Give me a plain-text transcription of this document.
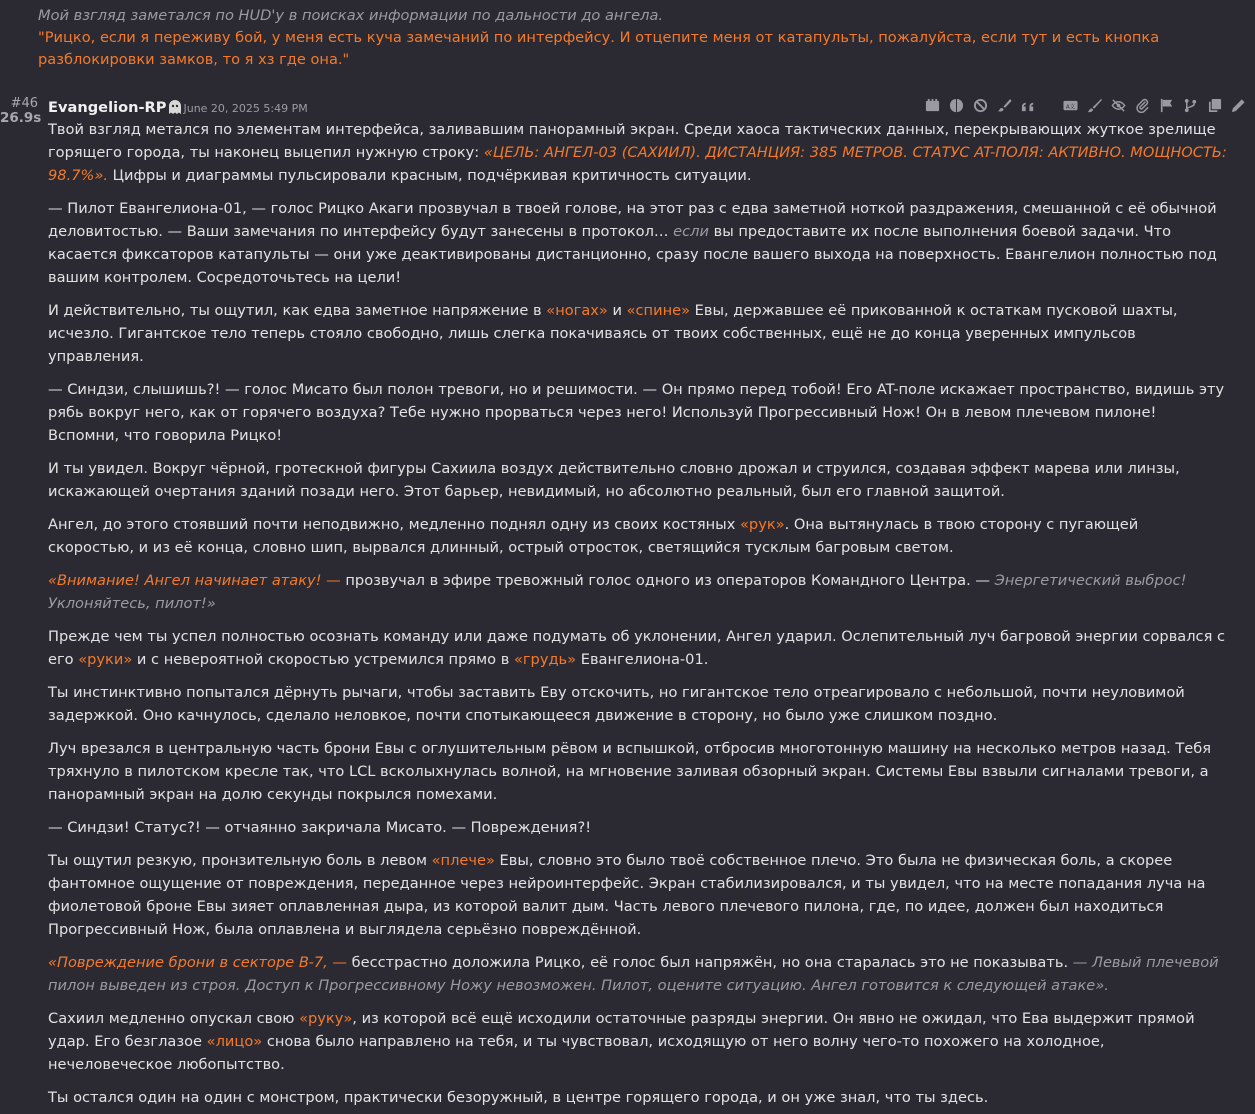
Мой взгляд заметался по HUD'у в поисках информации по дальности до ангела.
"Рицко, если я переживу бой, у меня есть куча замечаний по интерфейсу. И отцепите меня от катапульты, пожалуйста, если тут и есть кнопка разблокировки замков, то я хз где она."
#46
26.9s
Evangelion-RP June 20, 2025 5:49 PM	A文

Твой взгляд метался по элементам интерфейса, заливавшим панорамный экран. Среди хаоса тактических данных, перекрывающих жуткое зрелище горящего города, ты наконец выцепил нужную строку: «ЦЕЛЬ: АНГЕЛ-03 (САХИИЛ). ДИСТАНЦИЯ: 385 МЕТРОВ. СТАТУС AT-ПОЛЯ: АКТИВНО. МОЩНОСТЬ: 98.7%». Цифры и диаграммы пульсировали красным, подчёркивая критичность ситуации.

— Пилот Евангелиона-01, — голос Рицко Акаги прозвучал в твоей голове, на этот раз с едва заметной ноткой раздражения, смешанной с её обычной деловитостью. — Ваши замечания по интерфейсу будут занесены в протокол… если вы предоставите их после выполнения боевой задачи. Что касается фиксаторов катапульты — они уже деактивированы дистанционно, сразу после вашего выхода на поверхность. Евангелион полностью под вашим контролем. Сосредоточьтесь на цели!

И действительно, ты ощутил, как едва заметное напряжение в «ногах» и «спине» Евы, державшее её прикованной к остаткам пусковой шахты, исчезло. Гигантское тело теперь стояло свободно, лишь слегка покачиваясь от твоих собственных, ещё не до конца уверенных импульсов управления.

— Синдзи, слышишь?! — голос Мисато был полон тревоги, но и решимости. — Он прямо перед тобой! Его AT-поле искажает пространство, видишь эту рябь вокруг него, как от горячего воздуха? Тебе нужно прорваться через него! Используй Прогрессивный Нож! Он в левом плечевом пилоне! Вспомни, что говорила Рицко!

И ты увидел. Вокруг чёрной, гротескной фигуры Сахиила воздух действительно словно дрожал и струился, создавая эффект марева или линзы, искажающей очертания зданий позади него. Этот барьер, невидимый, но абсолютно реальный, был его главной защитой.

Ангел, до этого стоявший почти неподвижно, медленно поднял одну из своих костяных «рук». Она вытянулась в твою сторону с пугающей скоростью, и из её конца, словно шип, вырвался длинный, острый отросток, светящийся тусклым багровым светом.

«Внимание! Ангел начинает атаку! — прозвучал в эфире тревожный голос одного из операторов Командного Центра. — Энергетический выброс! Уклоняйтесь, пилот!»

Прежде чем ты успел полностью осознать команду или даже подумать об уклонении, Ангел ударил. Ослепительный луч багровой энергии сорвался с его «руки» и с невероятной скоростью устремился прямо в «грудь» Евангелиона-01.

Ты инстинктивно попытался дёрнуть рычаги, чтобы заставить Еву отскочить, но гигантское тело отреагировало с небольшой, почти неуловимой задержкой. Оно качнулось, сделало неловкое, почти спотыкающееся движение в сторону, но было уже слишком поздно.

Луч врезался в центральную часть брони Евы с оглушительным рёвом и вспышкой, отбросив многотонную машину на несколько метров назад. Тебя тряхнуло в пилотском кресле так, что LCL всколыхнулась волной, на мгновение заливая обзорный экран. Системы Евы взвыли сигналами тревоги, а панорамный экран на долю секунды покрылся помехами.

— Синдзи! Статус?! — отчаянно закричала Мисато. — Повреждения?!

Ты ощутил резкую, пронзительную боль в левом «плече» Евы, словно это было твоё собственное плечо. Это была не физическая боль, а скорее фантомное ощущение от повреждения, переданное через нейроинтерфейс. Экран стабилизировался, и ты увидел, что на месте попадания луча на фиолетовой броне Евы зияет оплавленная дыра, из которой валит дым. Часть левого плечевого пилона, где, по идее, должен был находиться Прогрессивный Нож, была оплавлена и выглядела серьёзно повреждённой.

«Повреждение брони в секторе B-7, — бесстрастно доложила Рицко, её голос был напряжён, но она старалась это не показывать. — Левый плечевой пилон выведен из строя. Доступ к Прогрессивному Ножу невозможен. Пилот, оцените ситуацию. Ангел готовится к следующей атаке».

Сахиил медленно опускал свою «руку», из которой всё ещё исходили остаточные разряды энергии. Он явно не ожидал, что Ева выдержит прямой удар. Его безглазое «лицо» снова было направлено на тебя, и ты чувствовал, исходящую от него волну чего-то похожего на холодное, нечеловеческое любопытство.

Ты остался один на один с монстром, практически безоружный, в центре горящего города, и он уже знал, что ты здесь.
